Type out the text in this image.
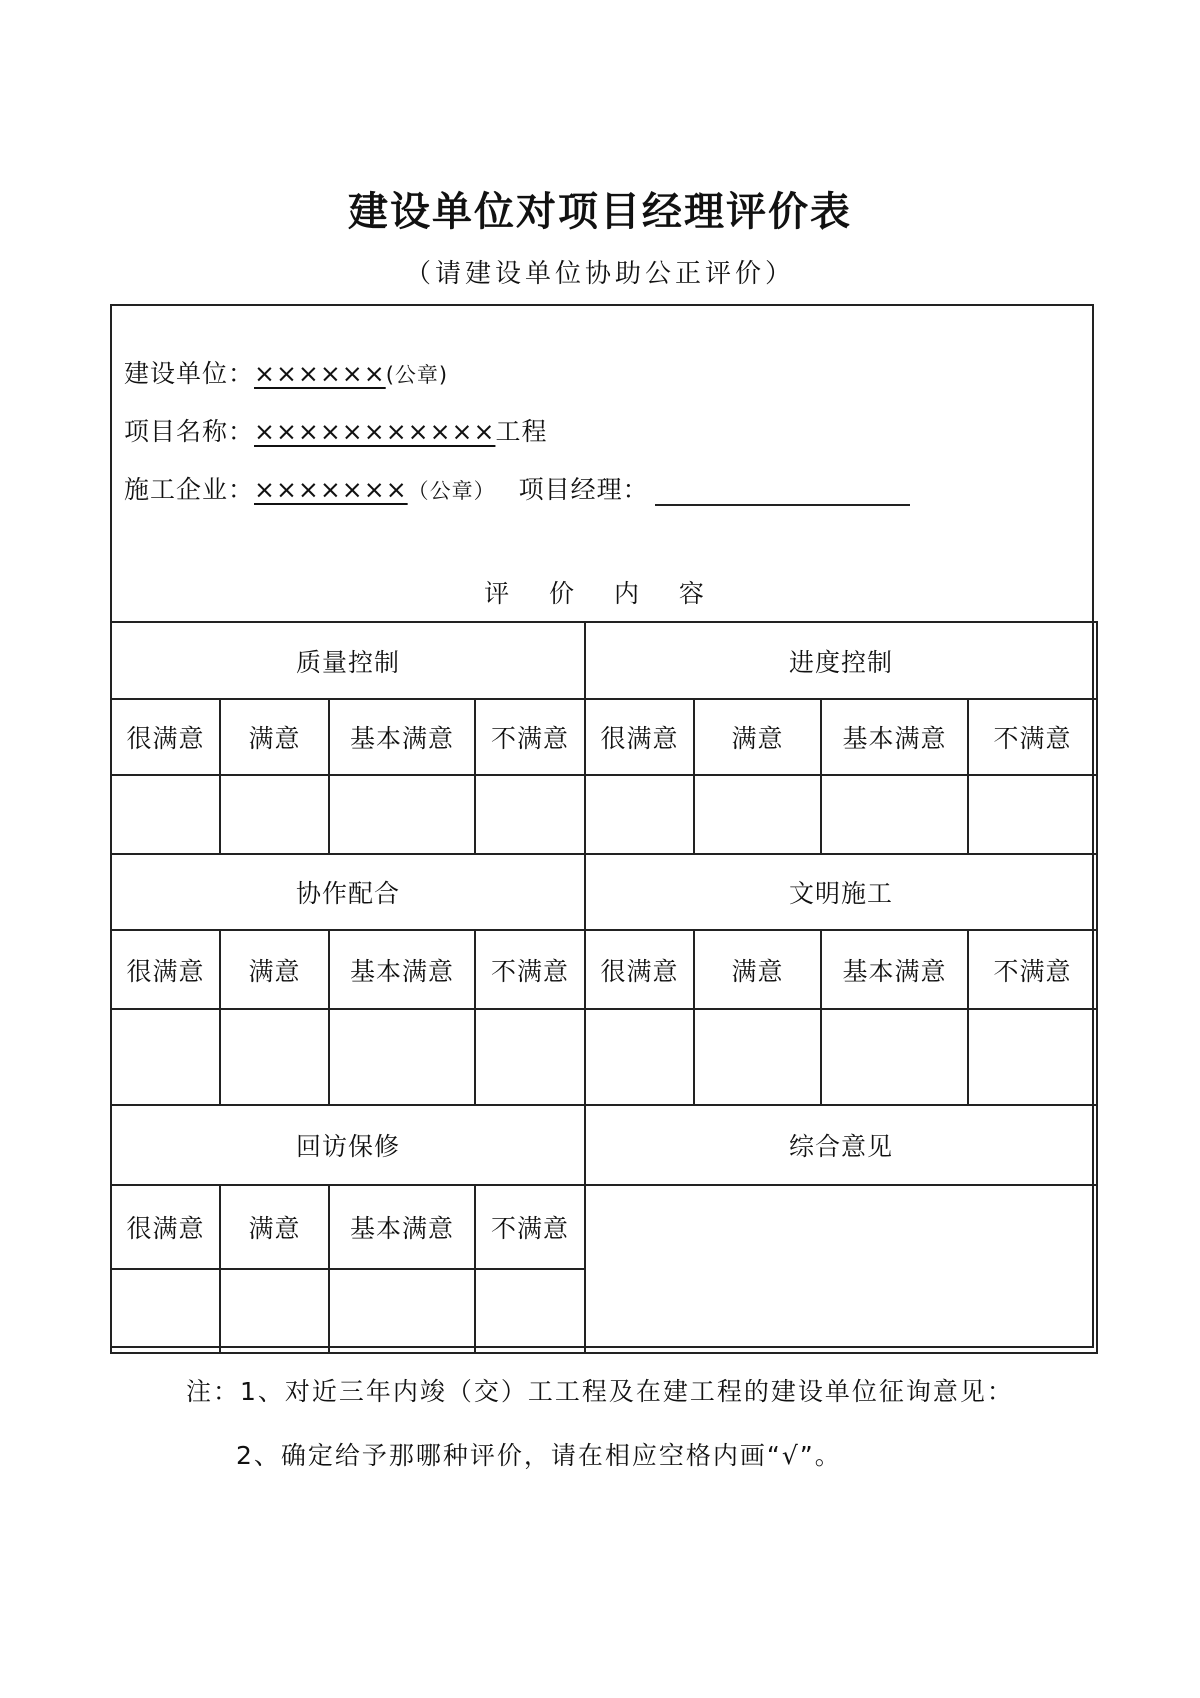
建设单位对项目经理评价表
（请建设单位协助公正评价）
建设单位：××××××(公章)
项目名称：×××××××××××工程
施工企业：×××××××（公章） 项目经理：
评 价 内 容
质量控制				进度控制			
很满意	满意	基本满意	不满意	很满意	满意	基本满意	不满意

协作配合				文明施工			
很满意	满意	基本满意	不满意	很满意	满意	基本满意	不满意

回访保修				综合意见			
很满意	满意	基本满意	不满意				

注：1、对近三年内竣（交）工工程及在建工程的建设单位征询意见：
2、确定给予那哪种评价，请在相应空格内画“√”。
